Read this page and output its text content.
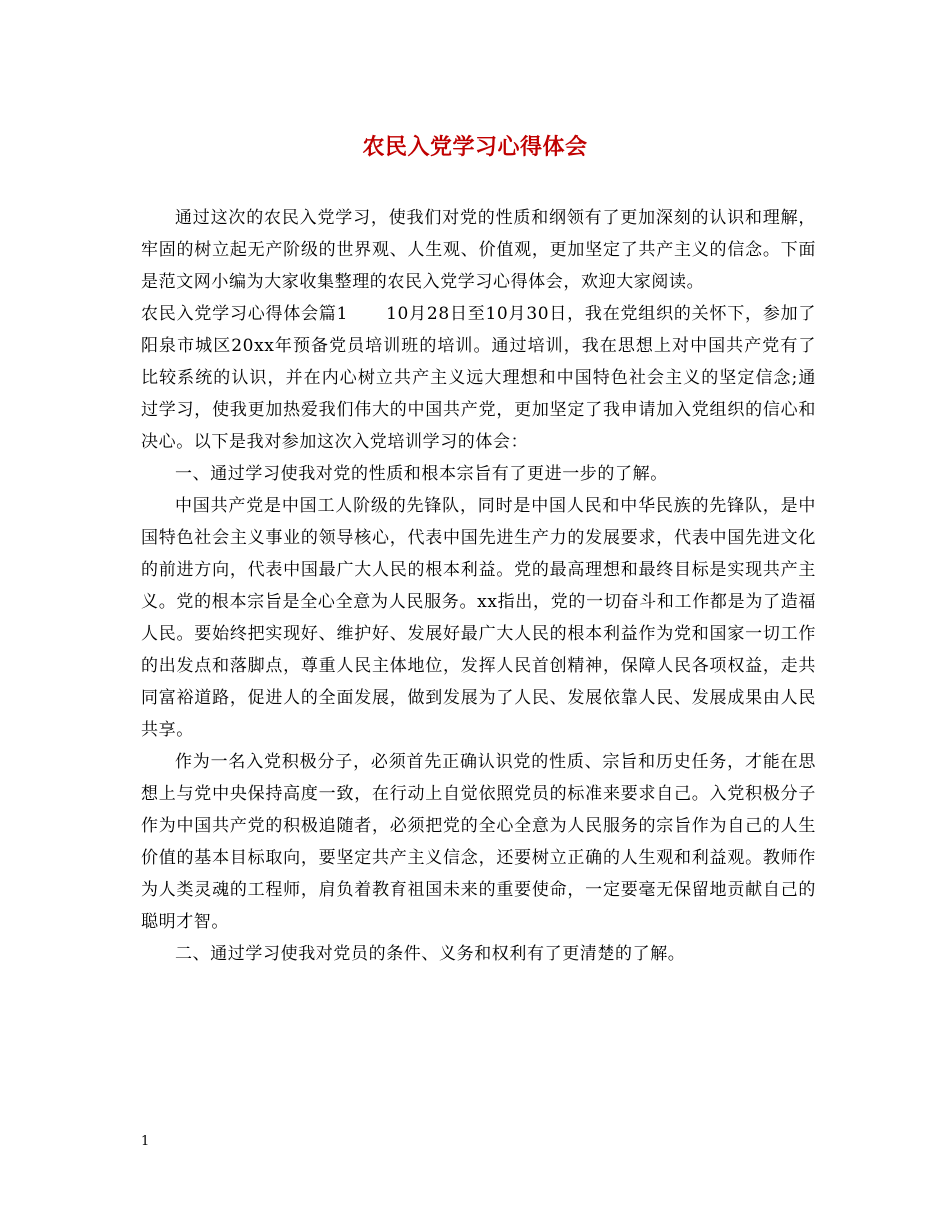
农民入党学习心得体会

通过这次的农民入党学习，使我们对党的性质和纲领有了更加深刻的认识和理解，牢固的树立起无产阶级的世界观、人生观、价值观，更加坚定了共产主义的信念。下面是范文网小编为大家收集整理的农民入党学习心得体会，欢迎大家阅读。

农民入党学习心得体会篇1 10月28日至10月30日，我在党组织的关怀下，参加了阳泉市城区20xx年预备党员培训班的培训。通过培训，我在思想上对中国共产党有了比较系统的认识，并在内心树立共产主义远大理想和中国特色社会主义的坚定信念;通过学习，使我更加热爱我们伟大的中国共产党，更加坚定了我申请加入党组织的信心和决心。以下是我对参加这次入党培训学习的体会：

一、通过学习使我对党的性质和根本宗旨有了更进一步的了解。

中国共产党是中国工人阶级的先锋队，同时是中国人民和中华民族的先锋队，是中国特色社会主义事业的领导核心，代表中国先进生产力的发展要求，代表中国先进文化的前进方向，代表中国最广大人民的根本利益。党的最高理想和最终目标是实现共产主义。党的根本宗旨是全心全意为人民服务。xx指出，党的一切奋斗和工作都是为了造福人民。要始终把实现好、维护好、发展好最广大人民的根本利益作为党和国家一切工作的出发点和落脚点，尊重人民主体地位，发挥人民首创精神，保障人民各项权益，走共同富裕道路，促进人的全面发展，做到发展为了人民、发展依靠人民、发展成果由人民共享。

作为一名入党积极分子，必须首先正确认识党的性质、宗旨和历史任务，才能在思想上与党中央保持高度一致，在行动上自觉依照党员的标准来要求自己。入党积极分子作为中国共产党的积极追随者，必须把党的全心全意为人民服务的宗旨作为自己的人生价值的基本目标取向，要坚定共产主义信念，还要树立正确的人生观和利益观。教师作为人类灵魂的工程师，肩负着教育祖国未来的重要使命，一定要毫无保留地贡献自己的聪明才智。

二、通过学习使我对党员的条件、义务和权利有了更清楚的了解。

1
